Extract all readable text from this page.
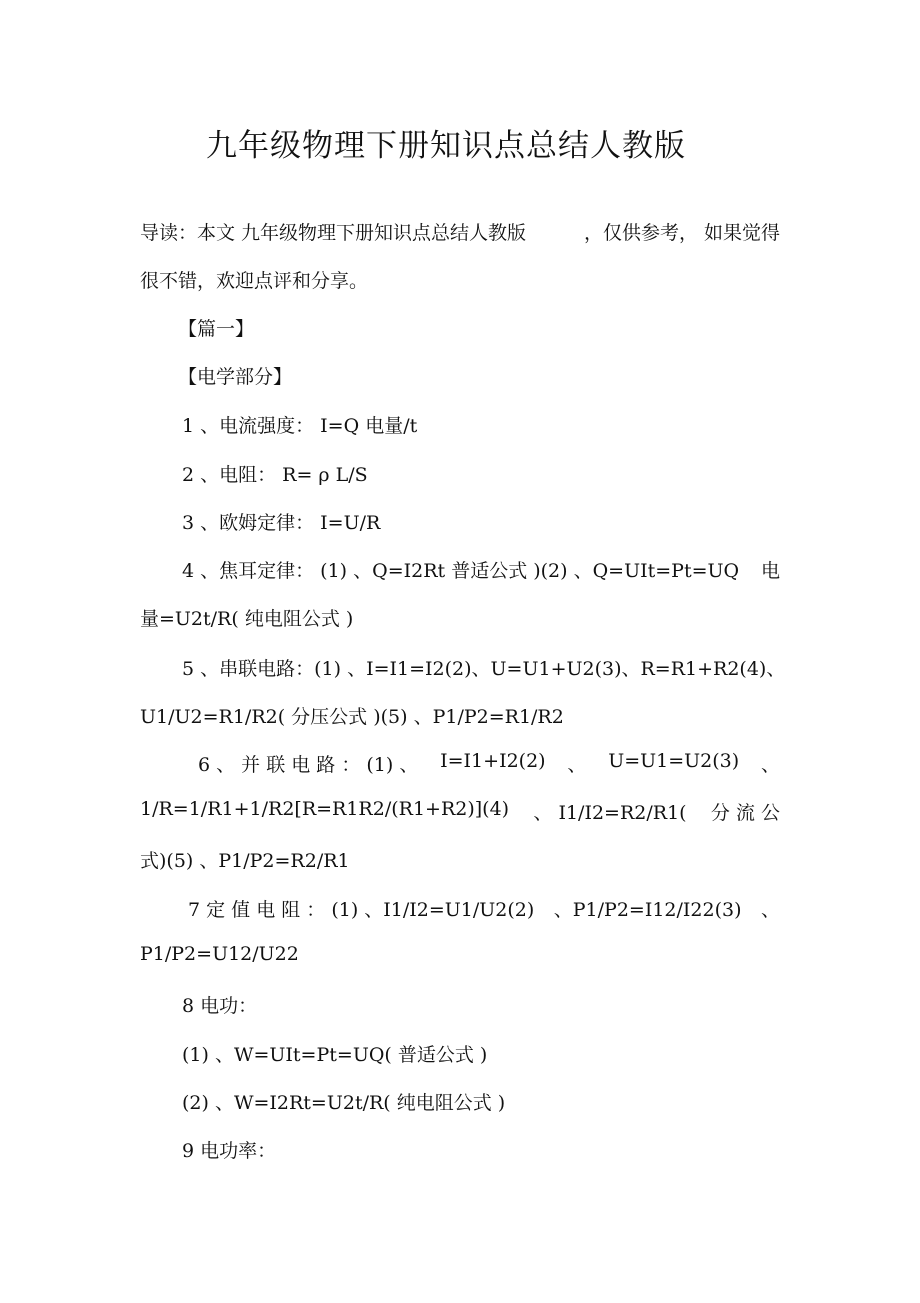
九年级物理下册知识点总结人教版
导读：本文 九年级物理下册知识点总结人教版	，仅供参考， 如果觉得
很不错，欢迎点评和分享。
【篇一】
【电学部分】
1 、电流强度： I=Q 电量/t
2 、电阻： R= ρ L/S
3 、欧姆定律： I=U/R
4 、焦耳定律： (1) 、Q=I2Rt 普适公式 )(2) 、Q=UIt=Pt=UQ 电
量=U2t/R( 纯电阻公式 )
5 、串联电路：(1) 、I=I1=I2(2) 、U=U1+U2(3) 、R=R1+R2(4) 、
U1/U2=R1/R2( 分压公式 )(5) 、P1/P2=R1/R2
6 、 并 联 电 路 ： (1) 、 I=I1+I2(2) 、 U=U1=U2(3) 、
1/R=1/R1+1/R2[R=R1R2/(R1+R2)](4) 、 I1/I2=R2/R1( 分 流 公
式)(5) 、P1/P2=R2/R1
7 定 值 电 阻 ： (1) 、I1/I2=U1/U2(2) 、P1/P2=I12/I22(3) 、
P1/P2=U12/U22
8 电功：
(1) 、W=UIt=Pt=UQ( 普适公式 )
(2) 、W=I2Rt=U2t/R( 纯电阻公式 )
9 电功率：
